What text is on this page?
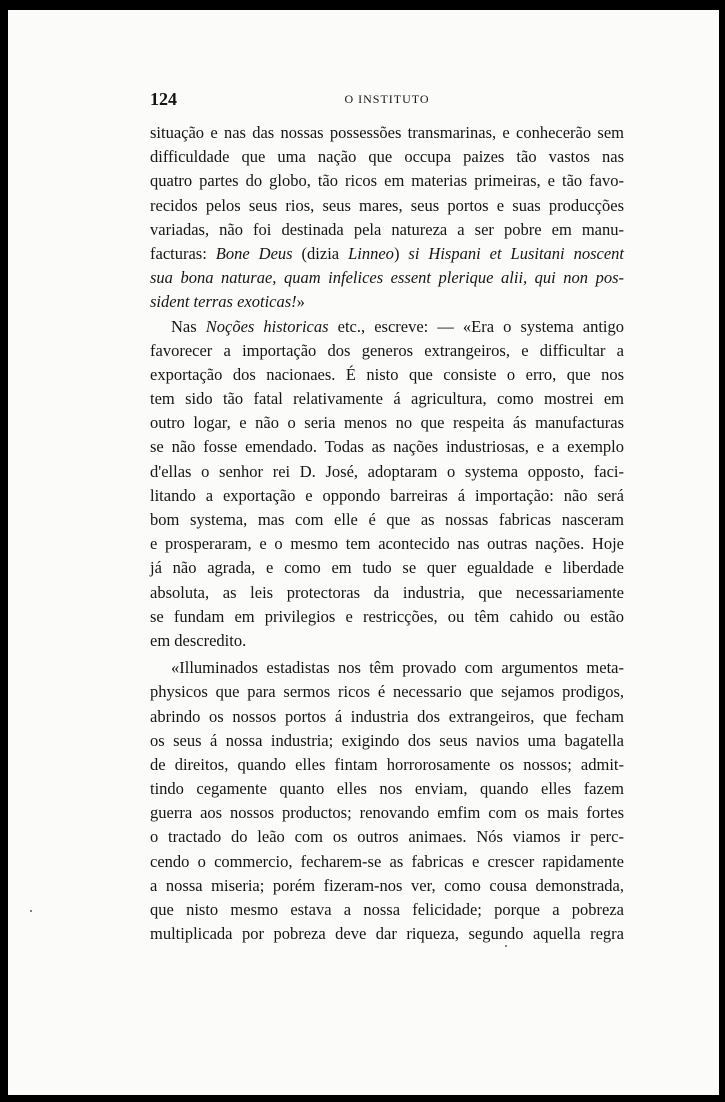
124	O INSTITUTO
situação e nas das nossas possessões transmarinas, e conhecerão sem
difficuldade que uma nação que occupa paizes tão vastos nas
quatro partes do globo, tão ricos em materias primeiras, e tão favo-
recidos pelos seus rios, seus mares, seus portos e suas producções
variadas, não foi destinada pela natureza a ser pobre em manu-
facturas: Bone Deus (dizia Linneo) si Hispani et Lusitani noscent
sua bona naturae, quam infelices essent plerique alii, qui non pos-
sident terras exoticas!»
Nas Noções historicas etc., escreve: — «Era o systema antigo
favorecer a importação dos generos extrangeiros, e difficultar a
exportação dos nacionaes. É nisto que consiste o erro, que nos
tem sido tão fatal relativamente á agricultura, como mostrei em
outro logar, e não o seria menos no que respeita ás manufacturas
se não fosse emendado. Todas as nações industriosas, e a exemplo
d'ellas o senhor rei D. José, adoptaram o systema opposto, faci-
litando a exportação e oppondo barreiras á importação: não será
bom systema, mas com elle é que as nossas fabricas nasceram
e prosperaram, e o mesmo tem acontecido nas outras nações. Hoje
já não agrada, e como em tudo se quer egualdade e liberdade
absoluta, as leis protectoras da industria, que necessariamente
se fundam em privilegios e restricções, ou têm cahido ou estão
em descredito.
«Illuminados estadistas nos têm provado com argumentos meta-
physicos que para sermos ricos é necessario que sejamos prodigos,
abrindo os nossos portos á industria dos extrangeiros, que fecham
os seus á nossa industria; exigindo dos seus navios uma bagatella
de direitos, quando elles fintam horrorosamente os nossos; admit-
tindo cegamente quanto elles nos enviam, quando elles fazem
guerra aos nossos productos; renovando emfim com os mais fortes
o tractado do leão com os outros animaes. Nós viamos ir perc-
cendo o commercio, fecharem-se as fabricas e crescer rapidamente
a nossa miseria; porém fizeram-nos ver, como cousa demonstrada,
que nisto mesmo estava a nossa felicidade; porque a pobreza
multiplicada por pobreza deve dar riqueza, segundo aquella regra
